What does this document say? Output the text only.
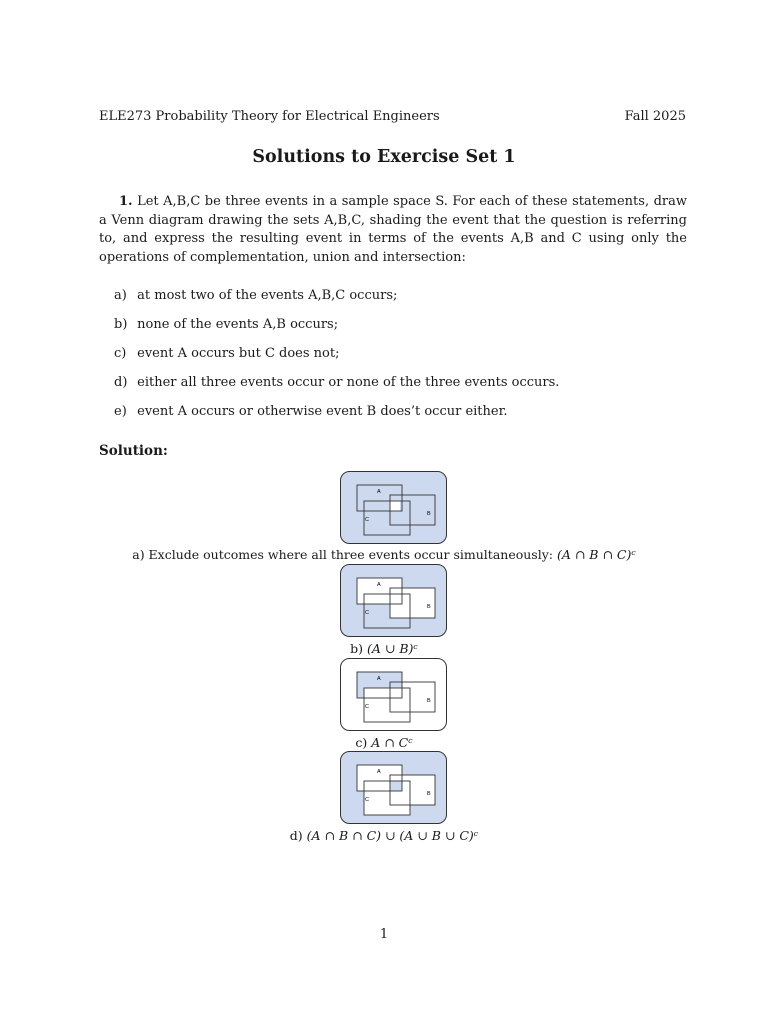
ELE273 Probability Theory for Electrical Engineers	Fall 2025
Solutions to Exercise Set 1
1. Let A,B,C be three events in a sample space S. For each of these statements, draw a Venn diagram drawing the sets A,B,C, shading the event that the question is referring to, and express the resulting event in terms of the events A,B and C using only the operations of complementation, union and intersection:
a) at most two of the events A,B,C occurs;
b) none of the events A,B occurs;
c) event A occurs but C does not;
d) either all three events occur or none of the three events occurs.
e) event A occurs or otherwise event B does’t occur either.
Solution:
A
B
C
a) Exclude outcomes where all three events occur simultaneously: (A ∩ B ∩ C)ᶜ
A
B
C
b) (A ∪ B)ᶜ
A
B
C
c) A ∩ Cᶜ
A
B
C
d) (A ∩ B ∩ C) ∪ (A ∪ B ∪ C)ᶜ
1
